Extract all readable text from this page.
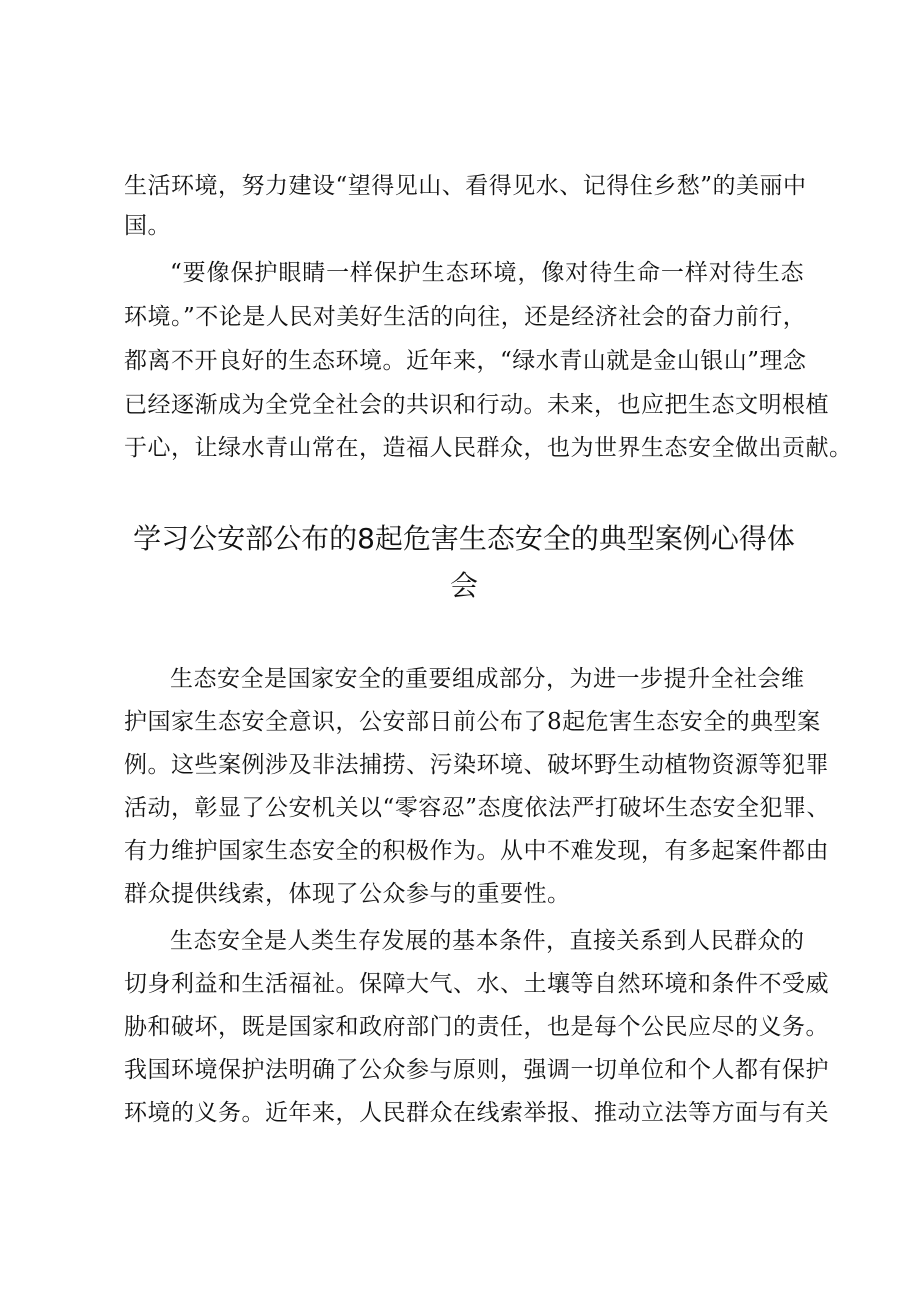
生活环境，努力建设“望得见山、看得见水、记得住乡愁”的美丽中
国。
“要像保护眼睛一样保护生态环境，像对待生命一样对待生态
环境。”不论是人民对美好生活的向往，还是经济社会的奋力前行，
都离不开良好的生态环境。近年来，“绿水青山就是金山银山”理念
已经逐渐成为全党全社会的共识和行动。未来，也应把生态文明根植
于心，让绿水青山常在，造福人民群众，也为世界生态安全做出贡献。
学习公安部公布的8起危害生态安全的典型案例心得体
会
生态安全是国家安全的重要组成部分，为进一步提升全社会维
护国家生态安全意识，公安部日前公布了8起危害生态安全的典型案
例。这些案例涉及非法捕捞、污染环境、破坏野生动植物资源等犯罪
活动，彰显了公安机关以“零容忍”态度依法严打破坏生态安全犯罪、
有力维护国家生态安全的积极作为。从中不难发现，有多起案件都由
群众提供线索，体现了公众参与的重要性。
生态安全是人类生存发展的基本条件，直接关系到人民群众的
切身利益和生活福祉。保障大气、水、土壤等自然环境和条件不受威
胁和破坏，既是国家和政府部门的责任，也是每个公民应尽的义务。
我国环境保护法明确了公众参与原则，强调一切单位和个人都有保护
环境的义务。近年来，人民群众在线索举报、推动立法等方面与有关
